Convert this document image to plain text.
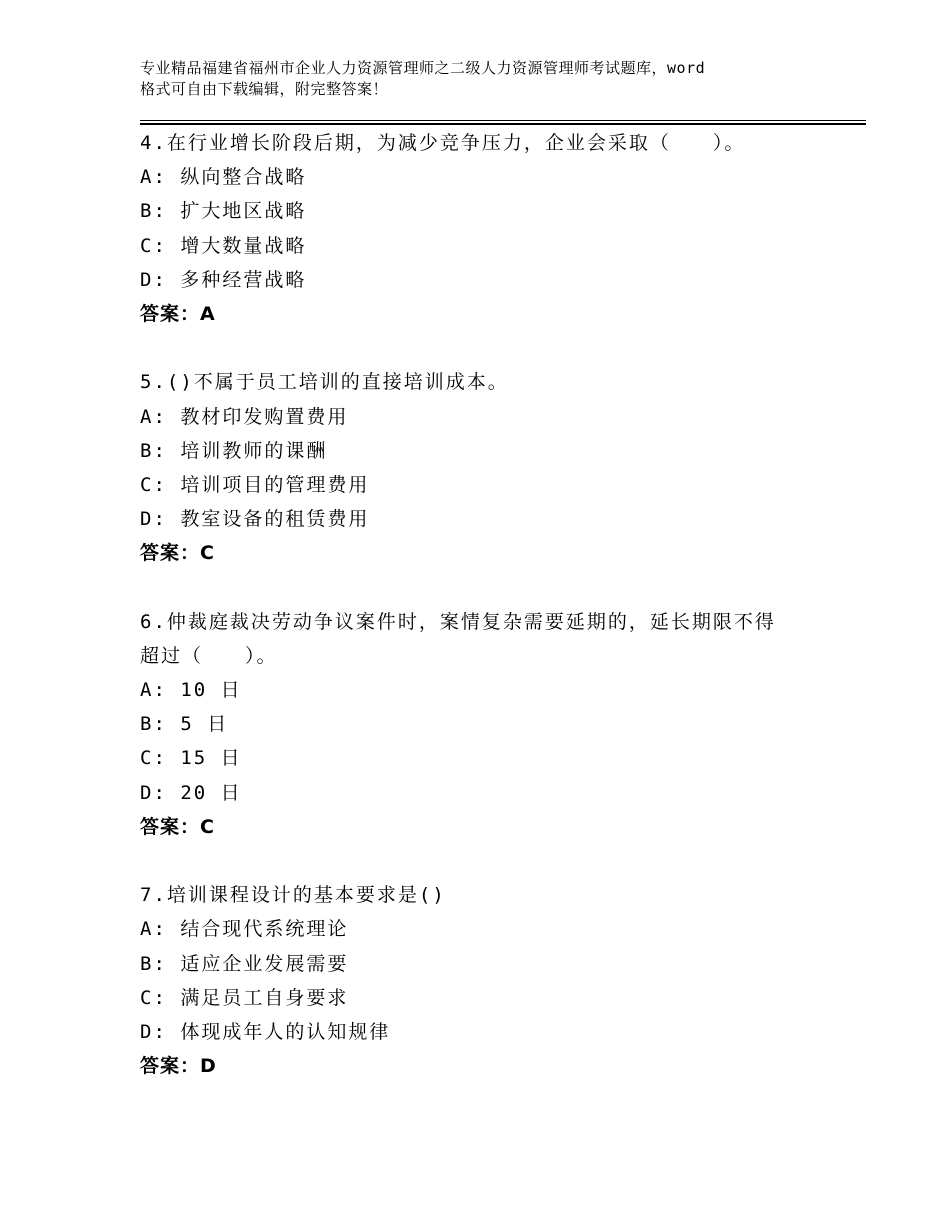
专业精品福建省福州市企业人力资源管理师之二级人力资源管理师考试题库，word
格式可自由下载编辑，附完整答案！
4.在行业增长阶段后期，为减少竞争压力，企业会采取（　　）。
A: 纵向整合战略
B: 扩大地区战略
C: 增大数量战略
D: 多种经营战略
答案：A
5.()不属于员工培训的直接培训成本。
A: 教材印发购置费用
B: 培训教师的课酬
C: 培训项目的管理费用
D: 教室设备的租赁费用
答案：C
6.仲裁庭裁决劳动争议案件时，案情复杂需要延期的，延长期限不得
超过（　　）。
A: 10 日
B: 5 日
C: 15 日
D: 20 日
答案：C
7.培训课程设计的基本要求是()
A: 结合现代系统理论
B: 适应企业发展需要
C: 满足员工自身要求
D: 体现成年人的认知规律
答案：D
